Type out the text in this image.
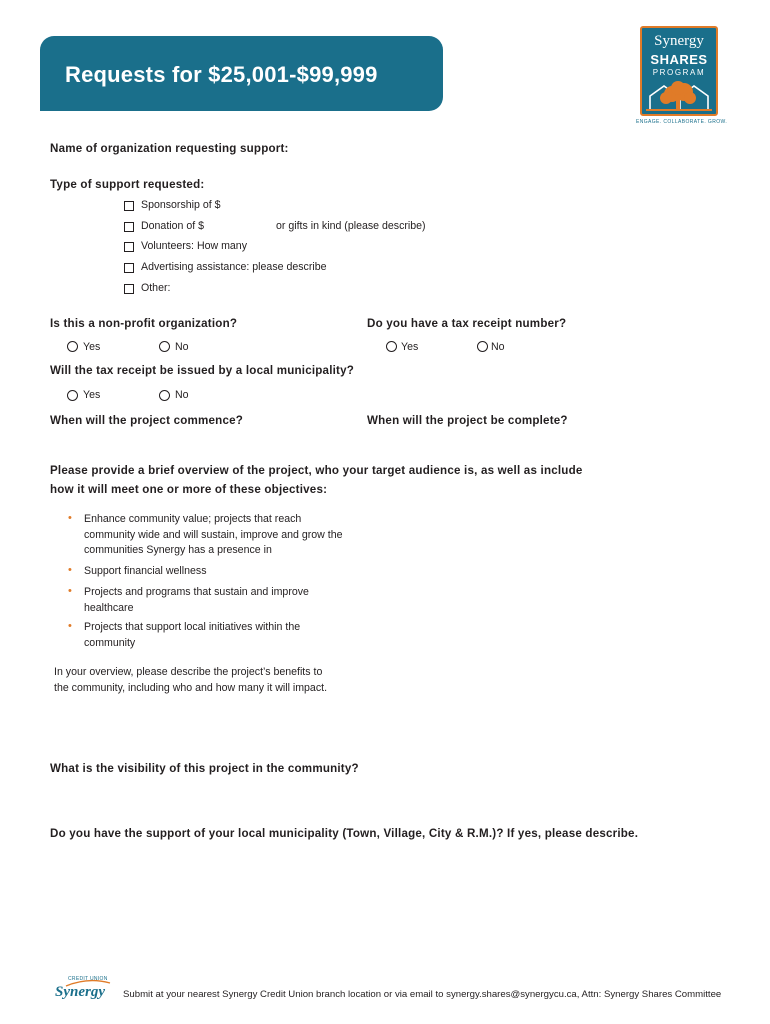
Requests for $25,001-$99,999
Synergy
SHARES
PROGRAM
ENGAGE. COLLABORATE. GROW.
Name of organization requesting support:
Type of support requested:
Sponsorship of $
Donation of $	or gifts in kind (please describe)
Volunteers: How many
Advertising assistance: please describe
Other:
Is this a non-profit organization?	Do you have a tax receipt number?
Yes	No	Yes	No
Will the tax receipt be issued by a local municipality?
Yes	No
When will the project commence?	When will the project be complete?
Please provide a brief overview of the project, who your target audience is, as well as include
how it will meet one or more of these objectives:
• Enhance community value; projects that reach community wide and will sustain, improve and grow the communities Synergy has a presence in
• Support financial wellness
• Projects and programs that sustain and improve healthcare
• Projects that support local initiatives within the community
In your overview, please describe the project’s benefits to the community, including who and how many it will impact.
What is the visibility of this project in the community?
Do you have the support of your local municipality (Town, Village, City & R.M.)? If yes, please describe.
CREDIT UNION
Synergy Submit at your nearest Synergy Credit Union branch location or via email to synergy.shares@synergycu.ca, Attn: Synergy Shares Committee
